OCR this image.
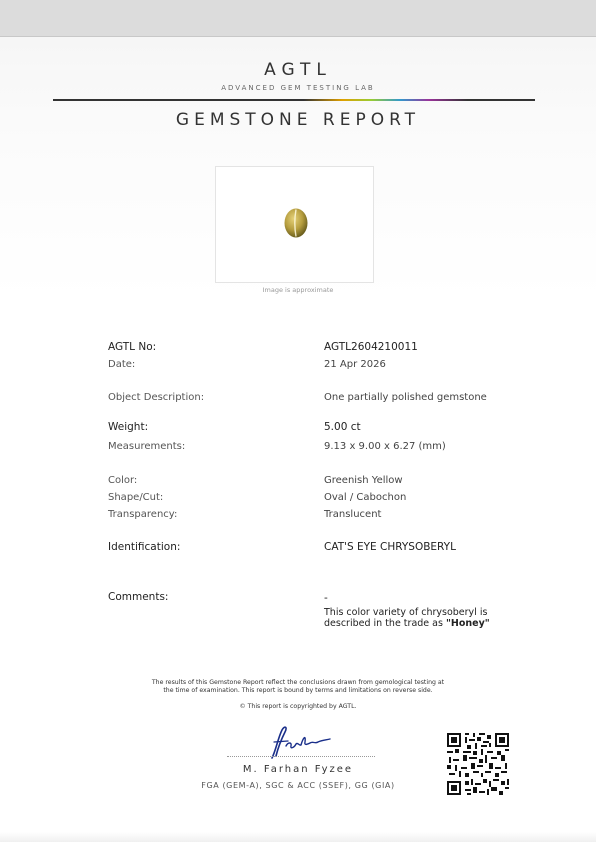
AGTL
ADVANCED GEM TESTING LAB
GEMSTONE REPORT
Image is approximate
AGTL No:	AGTL2604210011
Date:	21 Apr 2026
Object Description:	One partially polished gemstone
Weight:	5.00 ct
Measurements:	9.13 x 9.00 x 6.27 (mm)
Color:	Greenish Yellow
Shape/Cut:	Oval / Cabochon
Transparency:	Translucent
Identification:	CAT'S EYE CHRYSOBERYL
Comments:	-
This color variety of chrysoberyl is
described in the trade as "Honey"
The results of this Gemstone Report reflect the conclusions drawn from gemological testing at
the time of examination. This report is bound by terms and limitations on reverse side.
© This report is copyrighted by AGTL.
M. Farhan Fyzee
FGA (GEM-A), SGC & ACC (SSEF), GG (GIA)
